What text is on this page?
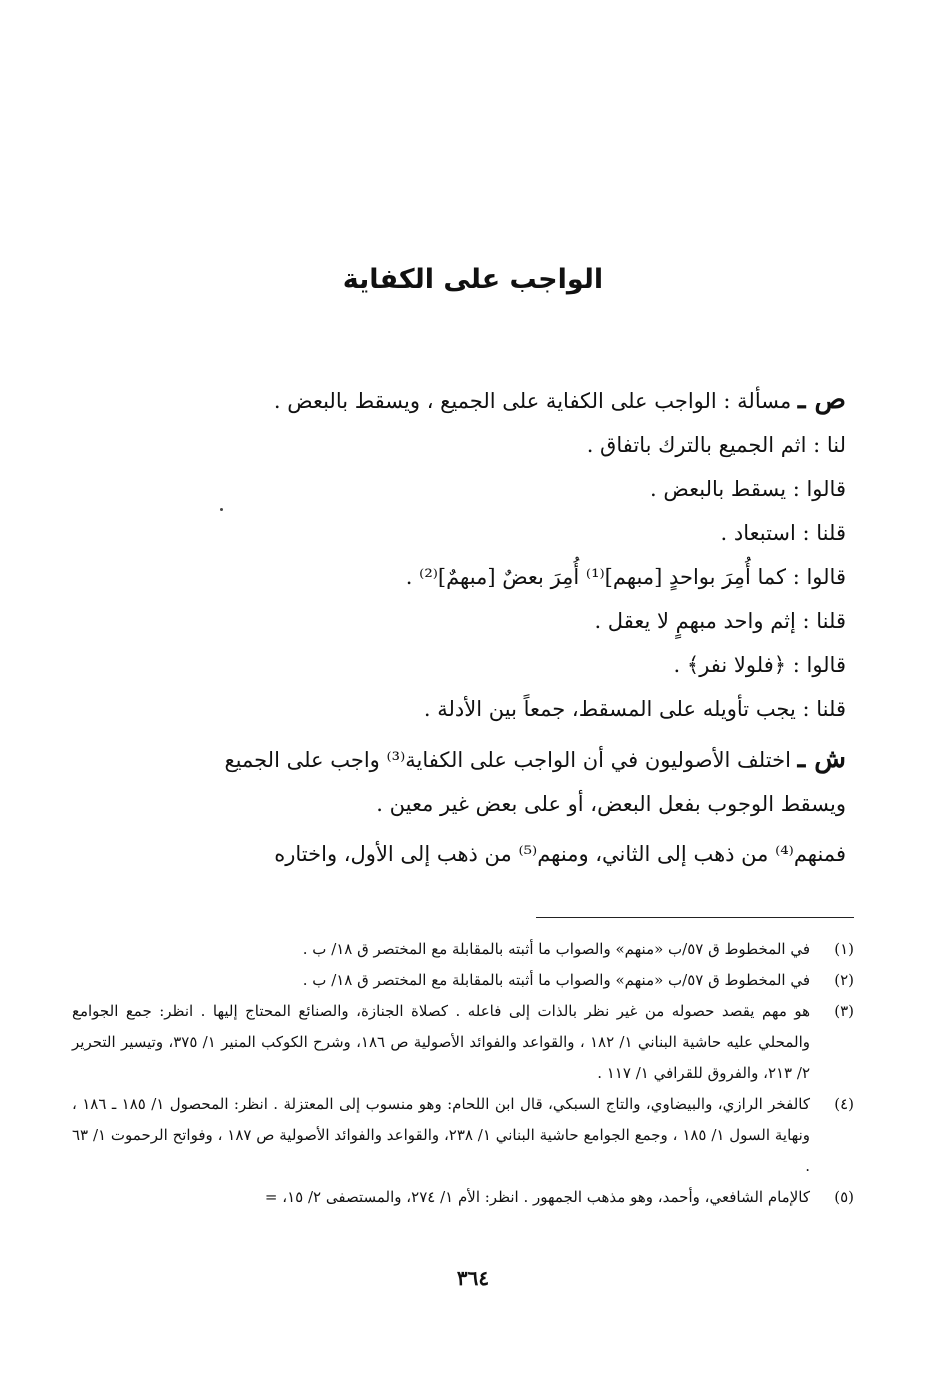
الواجب على الكفاية
ص ـ مسألة : الواجب على الكفاية على الجميع ، ويسقط بالبعض .
لنا : اثم الجميع بالترك باتفاق .
قالوا : يسقط بالبعض .
قلنا : استبعاد .
قالوا : كما أُمِرَ بواحدٍ [مبهم]⁽¹⁾ أُمِرَ بعضٌ [مبهمٌ]⁽²⁾ .
قلنا : إثم واحد مبهمٍ لا يعقل .
قالوا : ﴿فلولا نفر﴾ .
قلنا : يجب تأويله على المسقط، جمعاً بين الأدلة .
ش ـ اختلف الأصوليون في أن الواجب على الكفاية⁽³⁾ واجب على الجميع
ويسقط الوجوب بفعل البعض، أو على بعض غير معين .
فمنهم⁽⁴⁾ من ذهب إلى الثاني، ومنهم⁽⁵⁾ من ذهب إلى الأول، واختاره
(١)
في المخطوط ق ٥٧/ب «منهم» والصواب ما أثبته بالمقابلة مع المختصر ق ١٨/ ب .
(٢)
في المخطوط ق ٥٧/ب «منهم» والصواب ما أثبته بالمقابلة مع المختصر ق ١٨/ ب .
(٣)
هو مهم يقصد حصوله من غير نظر بالذات إلى فاعله . كصلاة الجنازة، والصنائع المحتاج إليها . انظر: جمع الجوامع والمحلي عليه حاشية البناني ١/ ١٨٢ ، والقواعد والفوائد الأصولية ص ١٨٦، وشرح الكوكب المنير ١/ ٣٧٥، وتيسير التحرير ٢/ ٢١٣، والفروق للقرافي ١/ ١١٧ .
(٤)
كالفخر الرازي، والبيضاوي، والتاج السبكي، قال ابن اللحام: وهو منسوب إلى المعتزلة . انظر: المحصول ١/ ١٨٥ ـ ١٨٦ ، ونهاية السول ١/ ١٨٥ ، وجمع الجوامع حاشية البناني ١/ ٢٣٨، والقواعد والفوائد الأصولية ص ١٨٧ ، وفواتح الرحموت ١/ ٦٣ .
(٥)
كالإمام الشافعي، وأحمد، وهو مذهب الجمهور . انظر: الأم ١/ ٢٧٤، والمستصفى ٢/ ١٥، =
٣٦٤
